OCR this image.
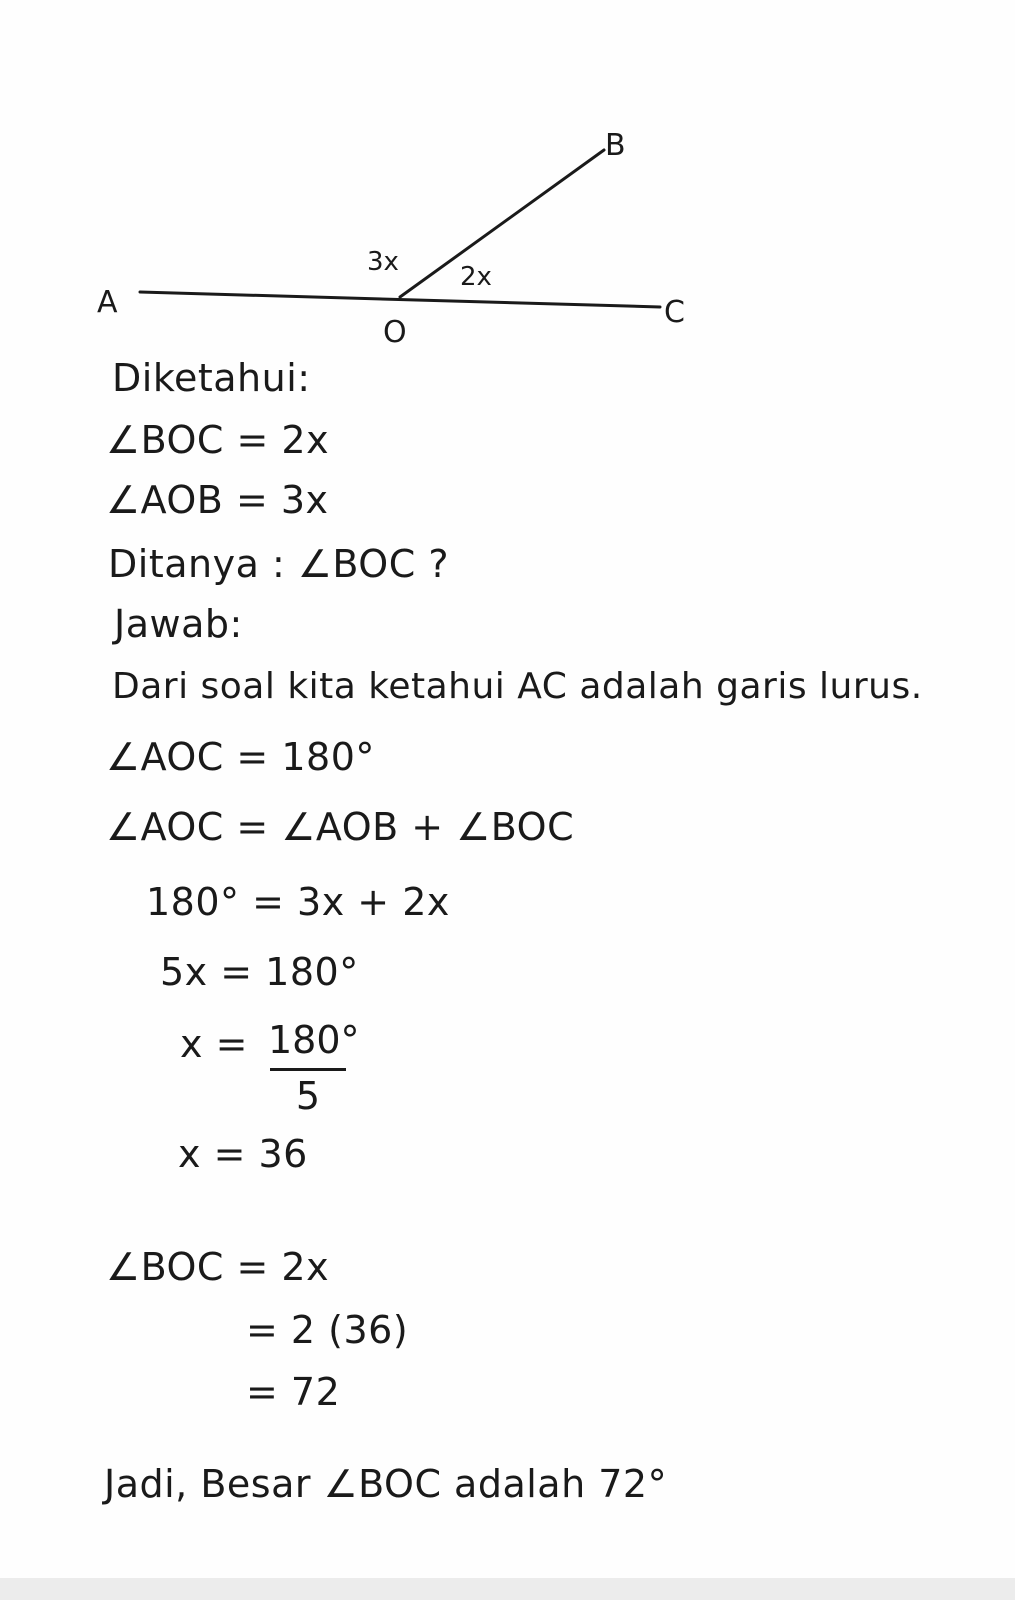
A
B
C
O
3x 2x
Diketahui:
∠BOC = 2x
∠AOB = 3x
Ditanya : ∠BOC ?
Jawab:
Dari soal kita ketahui AC adalah garis lurus.
∠AOC = 180°
∠AOC = ∠AOB + ∠BOC
180° = 3x + 2x
5x = 180°
x = 180°
5
x = 36
∠BOC = 2x
= 2 (36)
= 72
Jadi, Besar ∠BOC adalah 72°
